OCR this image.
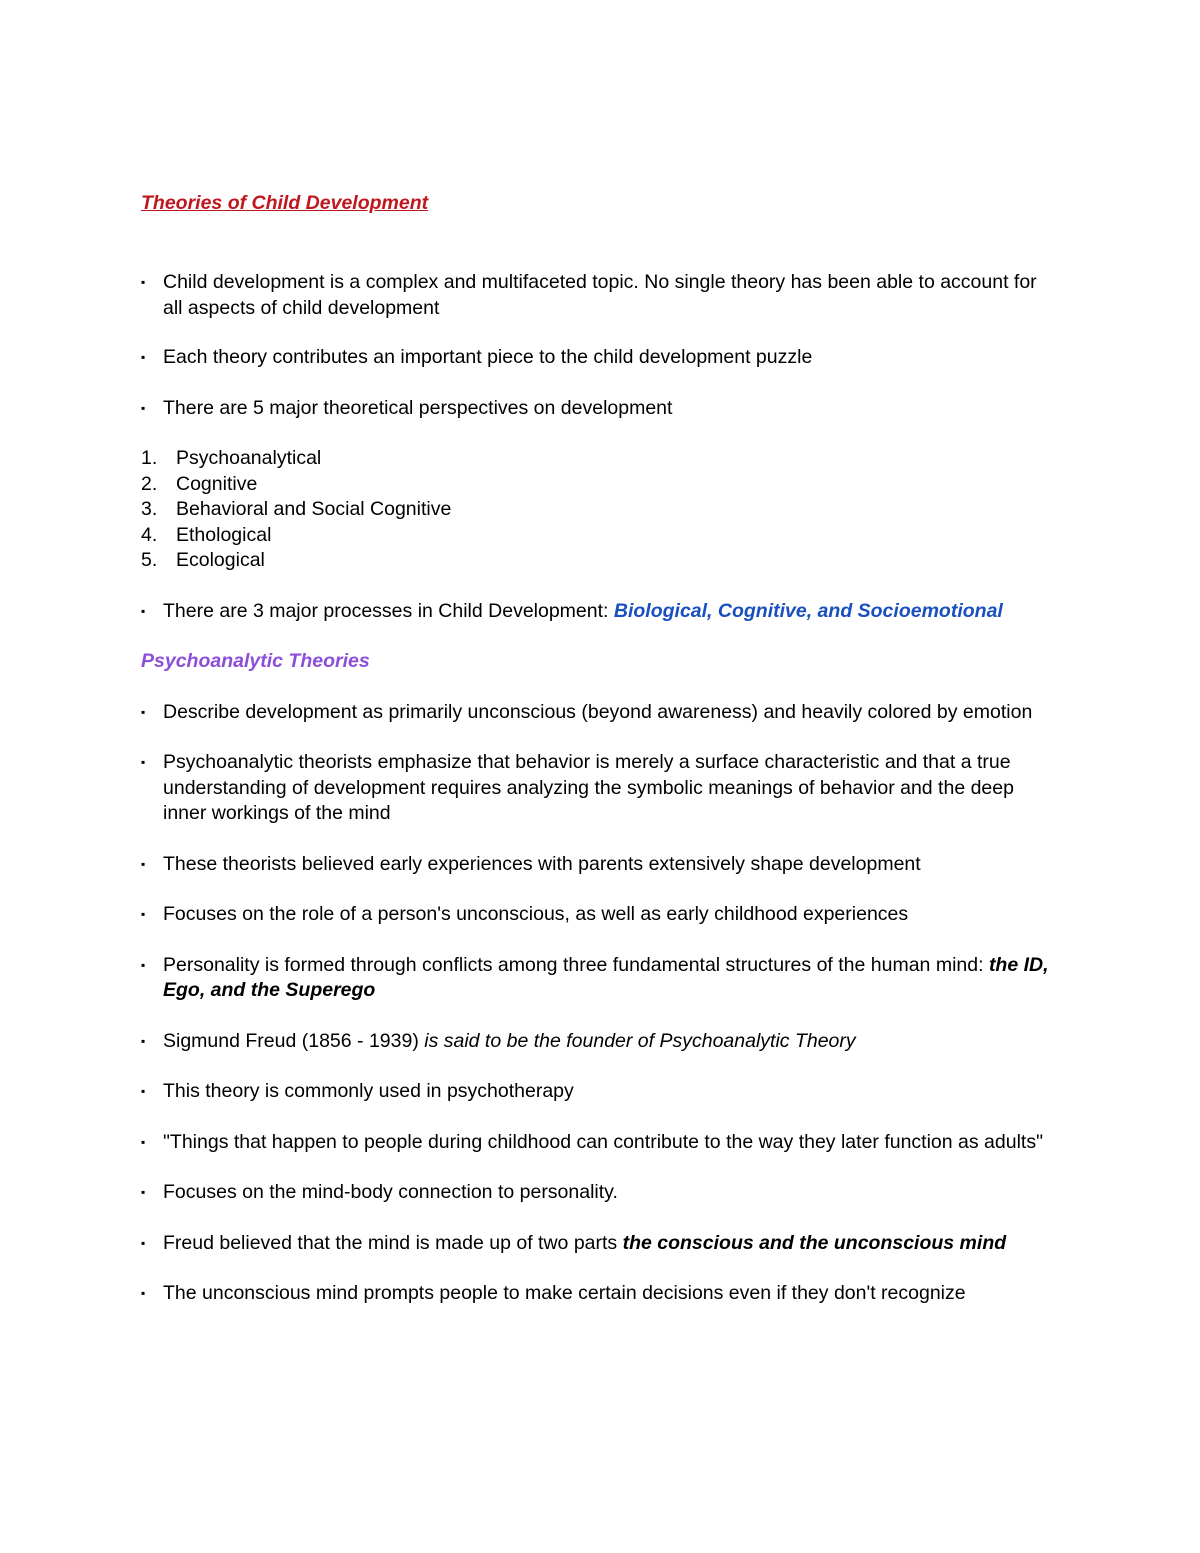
Theories of Child Development

▪ Child development is a complex and multifaceted topic. No single theory has been able to account for all aspects of child development
▪ Each theory contributes an important piece to the child development puzzle
▪ There are 5 major theoretical perspectives on development
1. Psychoanalytical
2. Cognitive
3. Behavioral and Social Cognitive
4. Ethological
5. Ecological
▪ There are 3 major processes in Child Development: Biological, Cognitive, and Socioemotional

Psychoanalytic Theories

▪ Describe development as primarily unconscious (beyond awareness) and heavily colored by emotion
▪ Psychoanalytic theorists emphasize that behavior is merely a surface characteristic and that a true understanding of development requires analyzing the symbolic meanings of behavior and the deep inner workings of the mind
▪ These theorists believed early experiences with parents extensively shape development
▪ Focuses on the role of a person's unconscious, as well as early childhood experiences
▪ Personality is formed through conflicts among three fundamental structures of the human mind: the ID, Ego, and the Superego
▪ Sigmund Freud (1856 - 1939) is said to be the founder of Psychoanalytic Theory
▪ This theory is commonly used in psychotherapy
▪ "Things that happen to people during childhood can contribute to the way they later function as adults"
▪ Focuses on the mind-body connection to personality.
▪ Freud believed that the mind is made up of two parts the conscious and the unconscious mind
▪ The unconscious mind prompts people to make certain decisions even if they don't recognize
